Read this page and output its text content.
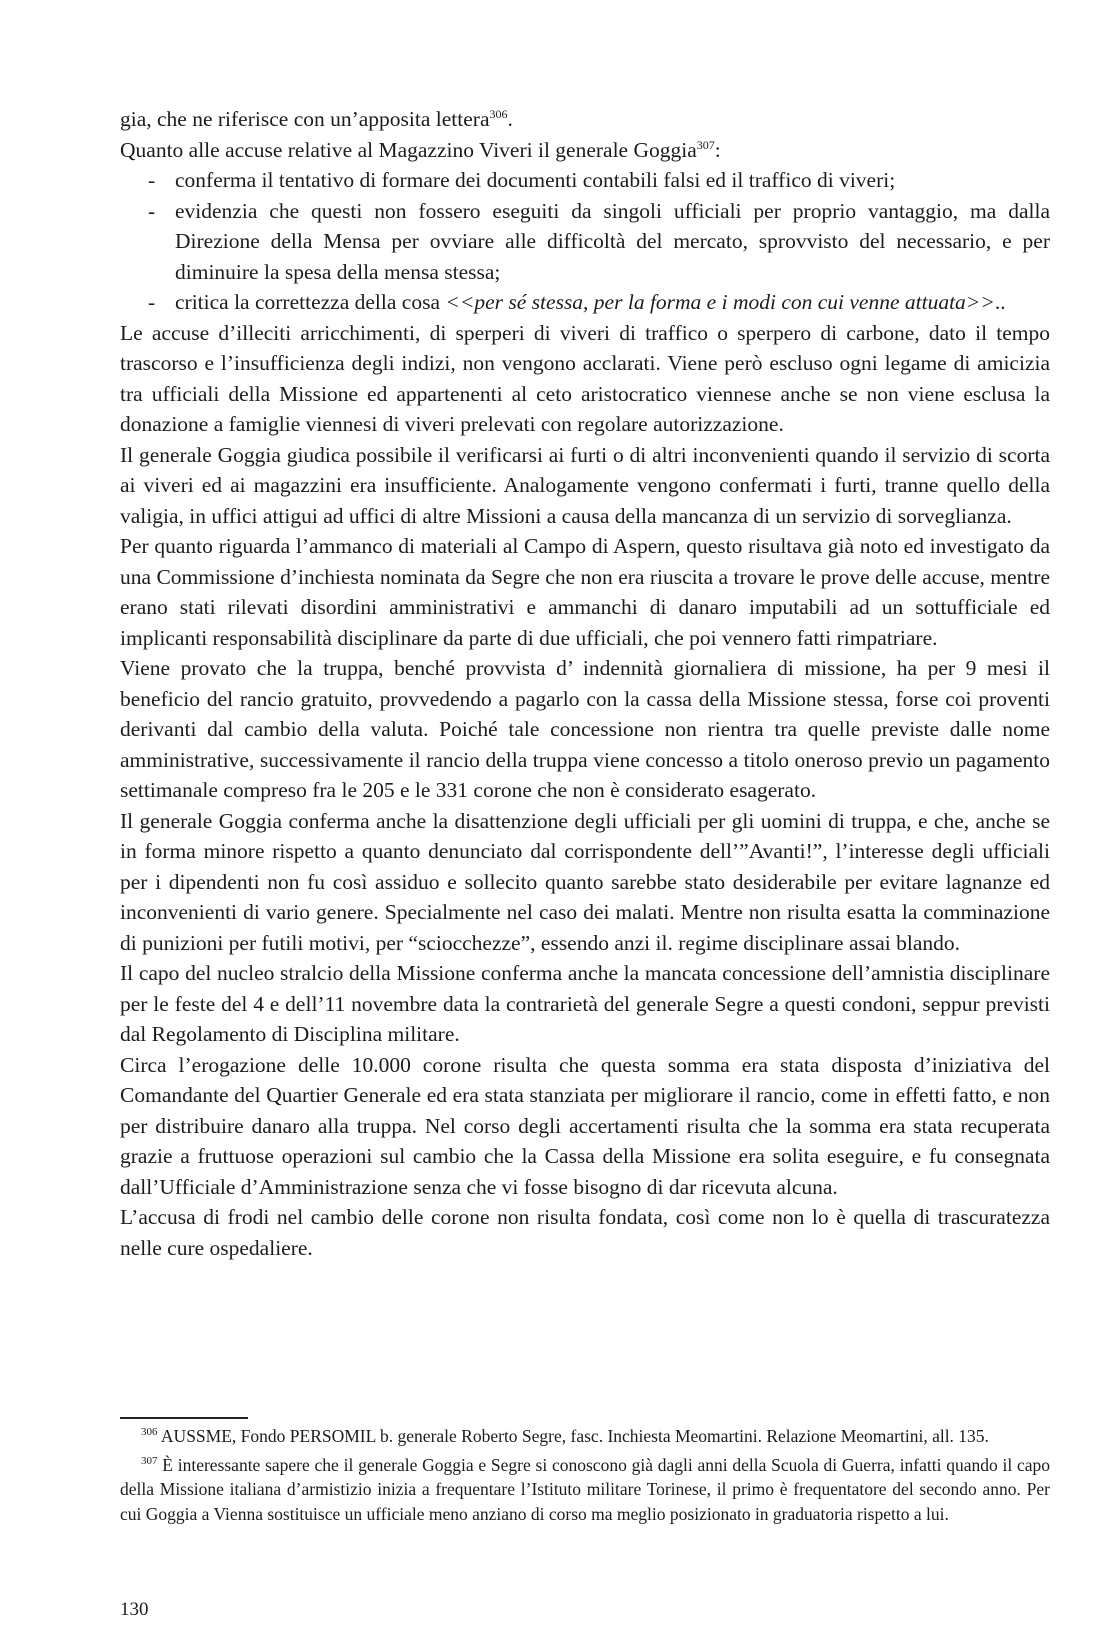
gia, che ne riferisce con un’apposita lettera$^{306}$.

Quanto alle accuse relative al Magazzino Viveri il generale Goggia$^{307}$:

- conferma il tentativo di formare dei documenti contabili falsi ed il traffico di viveri;
- evidenzia che questi non fossero eseguiti da singoli ufficiali per proprio vantaggio, ma dalla Direzione della Mensa per ovviare alle difficoltà del mercato, sprovvisto del necessario, e per diminuire la spesa della mensa stessa;
- critica la correttezza della cosa <<per sé stessa, per la forma e i modi con cui venne attuata>>..

Le accuse d’illeciti arricchimenti, di sperperi di viveri di traffico o sperpero di carbone, dato il tempo trascorso e l’insufficienza degli indizi, non vengono acclarati. Viene però escluso ogni legame di amicizia tra ufficiali della Missione ed appartenenti al ceto aristocratico viennese anche se non viene esclusa la donazione a famiglie viennesi di viveri prelevati con regolare autorizzazione.

Il generale Goggia giudica possibile il verificarsi ai furti o di altri inconvenienti quando il servizio di scorta ai viveri ed ai magazzini era insufficiente. Analogamente vengono confermati i furti, tranne quello della valigia, in uffici attigui ad uffici di altre Missioni a causa della mancanza di un servizio di sorveglianza.

Per quanto riguarda l’ammanco di materiali al Campo di Aspern, questo risultava già noto ed investigato da una Commissione d’inchiesta nominata da Segre che non era riuscita a trovare le prove delle accuse, mentre erano stati rilevati disordini amministrativi e ammanchi di danaro imputabili ad un sottufficiale ed implicanti responsabilità disciplinare da parte di due ufficiali, che poi vennero fatti rimpatriare.

Viene provato che la truppa, benché provvista d’ indennità giornaliera di missione, ha per 9 mesi il beneficio del rancio gratuito, provvedendo a pagarlo con la cassa della Missione stessa, forse coi proventi derivanti dal cambio della valuta. Poiché tale concessione non rientra tra quelle previste dalle nome amministrative, successivamente il rancio della truppa viene concesso a titolo oneroso previo un pagamento settimanale compreso fra le 205 e le 331 corone che non è considerato esagerato.

Il generale Goggia conferma anche la disattenzione degli ufficiali per gli uomini di truppa, e che, anche se in forma minore rispetto a quanto denunciato dal corrispondente dell’”Avanti!”, l’interesse degli ufficiali per i dipendenti non fu così assiduo e sollecito quanto sarebbe stato desiderabile per evitare lagnanze ed inconvenienti di vario genere. Specialmente nel caso dei malati. Mentre non risulta esatta la comminazione di punizioni per futili motivi, per “sciocchezze”, essendo anzi il. regime disciplinare assai blando.

Il capo del nucleo stralcio della Missione conferma anche la mancata concessione dell’amnistia disciplinare per le feste del 4 e dell’11 novembre data la contrarietà del generale Segre a questi condoni, seppur previsti dal Regolamento di Disciplina militare.

Circa l’erogazione delle 10.000 corone risulta che questa somma era stata disposta d’iniziativa del Comandante del Quartier Generale ed era stata stanziata per migliorare il rancio, come in effetti fatto, e non per distribuire danaro alla truppa. Nel corso degli accertamenti risulta che la somma era stata recuperata grazie a fruttuose operazioni sul cambio che la Cassa della Missione era solita eseguire, e fu consegnata dall’Ufficiale d’Amministrazione senza che vi fosse bisogno di dar ricevuta alcuna.

L’accusa di frodi nel cambio delle corone non risulta fondata, così come non lo è quella di trascuratezza nelle cure ospedaliere.

$^{306}$ AUSSME, Fondo PERSOMIL b. generale Roberto Segre, fasc. Inchiesta Meomartini. Relazione Meomartini, all. 135.

$^{307}$ È interessante sapere che il generale Goggia e Segre si conoscono già dagli anni della Scuola di Guerra, infatti quando il capo della Missione italiana d’armistizio inizia a frequentare l’Istituto militare Torinese, il primo è frequentatore del secondo anno. Per cui Goggia a Vienna sostituisce un ufficiale meno anziano di corso ma meglio posizionato in graduatoria rispetto a lui.

130
